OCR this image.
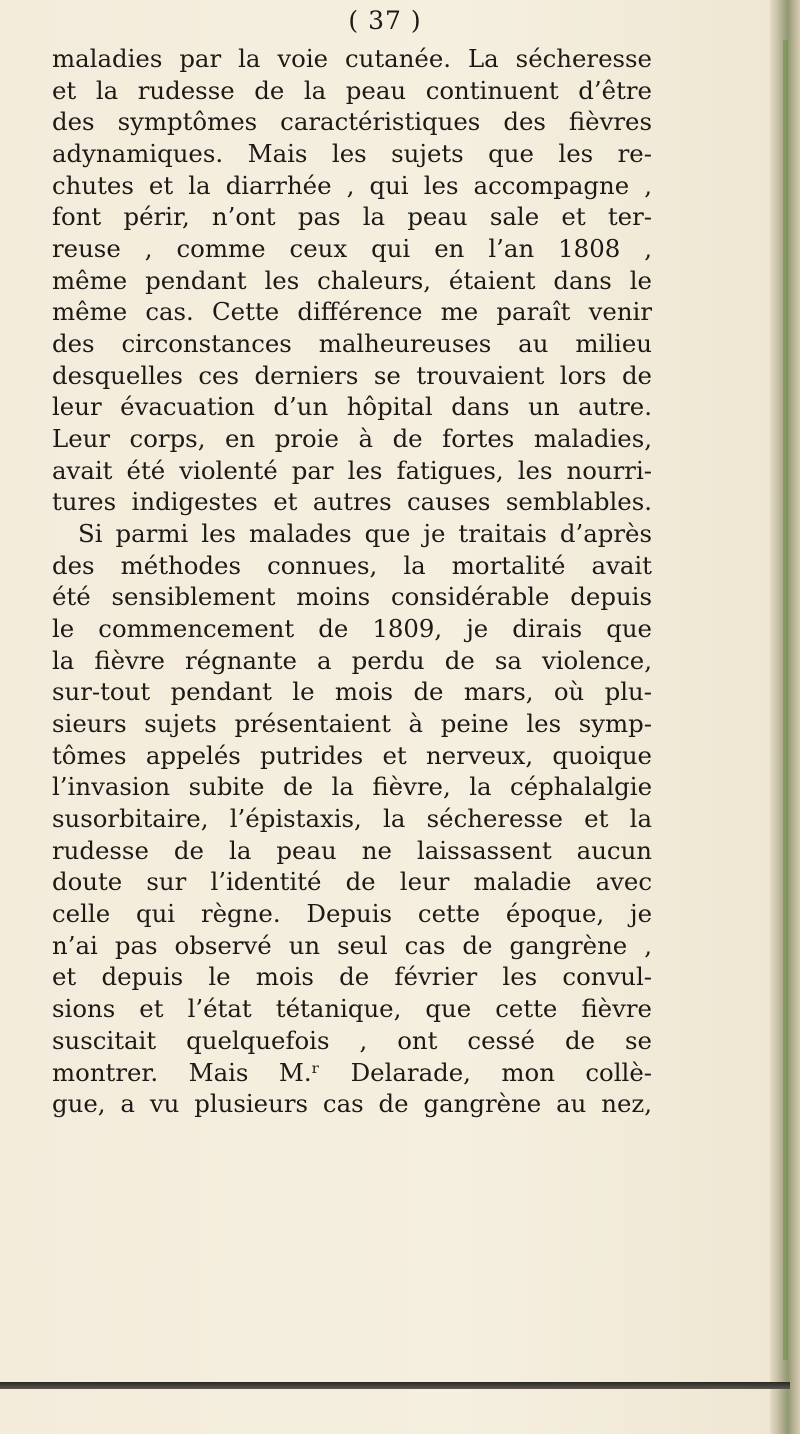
( 37 )
maladies par la voie cutanée. La sécheresse
et la rudesse de la peau continuent d’être
des symptômes caractéristiques des fièvres
adynamiques. Mais les sujets que les re-
chutes et la diarrhée , qui les accompagne ,
font périr, n’ont pas la peau sale et ter-
reuse , comme ceux qui en l’an 1808 ,
même pendant les chaleurs, étaient dans le
même cas. Cette différence me paraît venir
des circonstances malheureuses au milieu
desquelles ces derniers se trouvaient lors de
leur évacuation d’un hôpital dans un autre.
Leur corps, en proie à de fortes maladies,
avait été violenté par les fatigues, les nourri-
tures indigestes et autres causes semblables.
Si parmi les malades que je traitais d’après
des méthodes connues, la mortalité avait
été sensiblement moins considérable depuis
le commencement de 1809, je dirais que
la fièvre régnante a perdu de sa violence,
sur-tout pendant le mois de mars, où plu-
sieurs sujets présentaient à peine les symp-
tômes appelés putrides et nerveux, quoique
l’invasion subite de la fièvre, la céphalalgie
susorbitaire, l’épistaxis, la sécheresse et la
rudesse de la peau ne laissassent aucun
doute sur l’identité de leur maladie avec
celle qui règne. Depuis cette époque, je
n’ai pas observé un seul cas de gangrène ,
et depuis le mois de février les convul-
sions et l’état tétanique, que cette fièvre
suscitait quelquefois , ont cessé de se
montrer. Mais M.ʳ Delarade, mon collè-
gue, a vu plusieurs cas de gangrène au nez,
